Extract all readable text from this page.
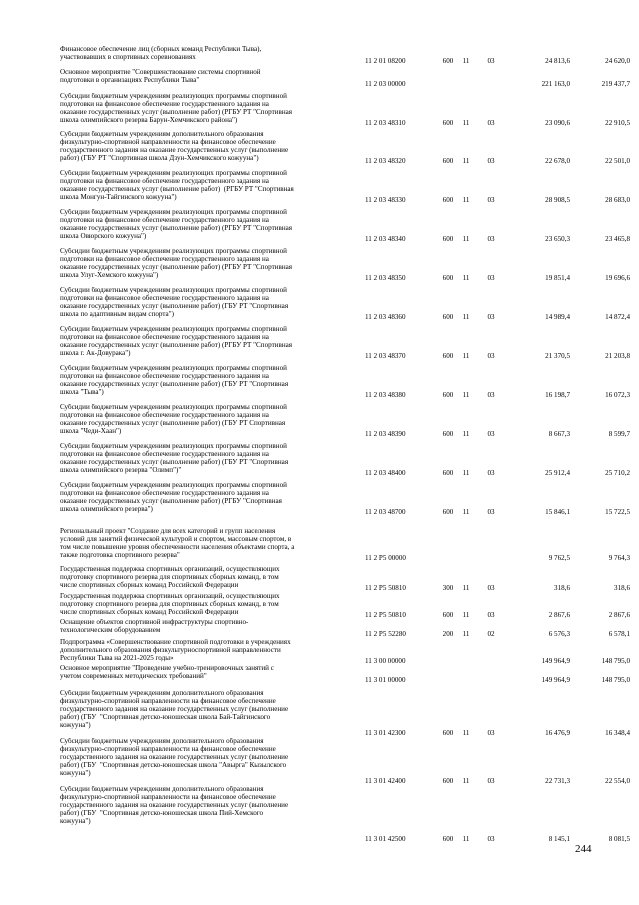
Финансовое обеспечение лиц (сборных команд Республики Тыва),
участвовавших в спортивных соревнованиях
11 2 01 08200	600	11	03	24 813,6	24 620,0
Основное мероприятие "Совершенствование системы спортивной
подготовки в организациях Республики Тыва"
11 2 03 00000	221 163,0	219 437,7
Субсидии бюджетным учреждениям реализующих программы спортивной
подготовки на финансовое обеспечение государственного задания на
оказание государственных услуг (выполнение работ) (РГБУ РТ "Спортивная
школа олимпийского резерва Барун-Хемчикского района")	11 2 03 48310	600	11	03	23 090,6	22 910,5
Субсидии бюджетным учреждениям дополнительного образования
физкультурно-спортивной направленности на финансовое обеспечение
государственного задания на оказание государственных услуг (выполнение
работ) (ГБУ РТ "Спортивная школа Дзун-Хемчикского кожууна")	11 2 03 48320	600	11	03	22 678,0	22 501,0
Субсидии бюджетным учреждениям реализующих программы спортивной
подготовки на финансовое обеспечение государственного задания на
оказание государственных услуг (выполнение работ)  (РГБУ РТ "Спортивная
школа Монгун-Тайгинского кожууна")	11 2 03 48330	600	11	03	28 908,5	28 683,0
Субсидии бюджетным учреждениям реализующих программы спортивной
подготовки на финансовое обеспечение государственного задания на
оказание государственных услуг (выполнение работ) (РГБУ РТ "Спортивная
школа Овюрского кожууна")	11 2 03 48340	600	11	03	23 650,3	23 465,8
Субсидии бюджетным учреждениям реализующих программы спортивной
подготовки на финансовое обеспечение государственного задания на
оказание государственных услуг (выполнение работ) (РГБУ РТ "Спортивная
школа Улуг-Хемского кожууна")	11 2 03 48350	600	11	03	19 851,4	19 696,6
Субсидии бюджетным учреждениям реализующих программы спортивной
подготовки на финансовое обеспечение государственного задания на
оказание государственных услуг (выполнение работ) (ГБУ РТ "Спортивная
школа по адаптивным видам спорта")	11 2 03 48360	600	11	03	14 989,4	14 872,4
Субсидии бюджетным учреждениям реализующих программы спортивной
подготовки на финансовое обеспечение государственного задания на
оказание государственных услуг (выполнение работ) (РГБУ РТ "Спортивная
школа г. Ак-Довурака")	11 2 03 48370	600	11	03	21 370,5	21 203,8
Субсидии бюджетным учреждениям реализующих программы спортивной
подготовки на финансовое обеспечение государственного задания на
оказание государственных услуг (выполнение работ) (ГБУ РТ "Спортивная
школа "Тыва")	11 2 03 48380	600	11	03	16 198,7	16 072,3
Субсидии бюджетным учреждениям реализующих программы спортивной
подготовки на финансовое обеспечение государственного задания на
оказание государственных услуг (выполнение работ) (ГБУ РТ Спортивная
школа "Чеди-Хаан")	11 2 03 48390	600	11	03	8 667,3	8 599,7
Субсидии бюджетным учреждениям реализующих программы спортивной
подготовки на финансовое обеспечение государственного задания на
оказание государственных услуг (выполнение работ) (ГБУ РТ "Спортивная
школа олимпийского резерва "Олимп")"	11 2 03 48400	600	11	03	25 912,4	25 710,2
Субсидии бюджетным учреждениям реализующих программы спортивной
подготовки на финансовое обеспечение государственного задания на
оказание государственных услуг (выполнение работ) (РГБУ "Спортивная
школа олимпийского резерва")	11 2 03 48700	600	11	03	15 846,1	15 722,5
Региональный проект "Создание для всех категорий и групп населения
условий для занятий физической культурой и спортом, массовым спортом, в
том числе повышение уровня обеспеченности населения объектами спорта, а
также подготовка спортивного резерва"	11 2 P5 00000	9 762,5	9 764,3
Государственная поддержка спортивных организаций, осуществляющих
подготовку спортивного резерва для спортивных сборных команд, в том
числе спортивных сборных команд Российской Федерации	11 2 P5 50810	300	11	03	318,6	318,6
Государственная поддержка спортивных организаций, осуществляющих
подготовку спортивного резерва для спортивных сборных команд, в том
числе спортивных сборных команд Российской Федерации	11 2 P5 50810	600	11	03	2 867,6	2 867,6
Оснащение объектов спортивной инфраструктуры спортивно-
технологическим оборудованием
11 2 P5 52280	200	11	02	6 576,3	6 578,1
Подпрограмма «Совершенствование спортивной подготовки в учреждениях
дополнительного образования физкультурноспортивной направленности
Республики Тыва на 2021-2025 годы»	11 3 00 00000	149 964,9	148 795,0
Основное мероприятие "Проведение учебно-тренировочных занятий с
учетом современных методических требований"
11 3 01 00000	149 964,9	148 795,0
Субсидии бюджетным учреждениям дополнительного образования
физкультурно-спортивной направленности на финансовое обеспечение
государственного задания на оказание государственных услуг (выполнение
работ) (ГБУ  "Спортивная детско-юношеская школа Бай-Тайгинского
кожууна")
11 3 01 42300	600	11	03	16 476,9	16 348,4
Субсидии бюджетным учреждениям дополнительного образования
физкультурно-спортивной направленности на финансовое обеспечение
государственного задания на оказание государственных услуг (выполнение
работ) (ГБУ  "Спортивная детско-юношеская школа "Авырга" Кызылского
кожууна")
11 3 01 42400	600	11	03	22 731,3	22 554,0
Субсидии бюджетным учреждениям дополнительного образования
физкультурно-спортивной направленности на финансовое обеспечение
государственного задания на оказание государственных услуг (выполнение
работ) (ГБУ  "Спортивная детско-юношеская школа Пий-Хемского
кожууна")
11 3 01 42500	600	11	03	8 145,1	8 081,5
244
